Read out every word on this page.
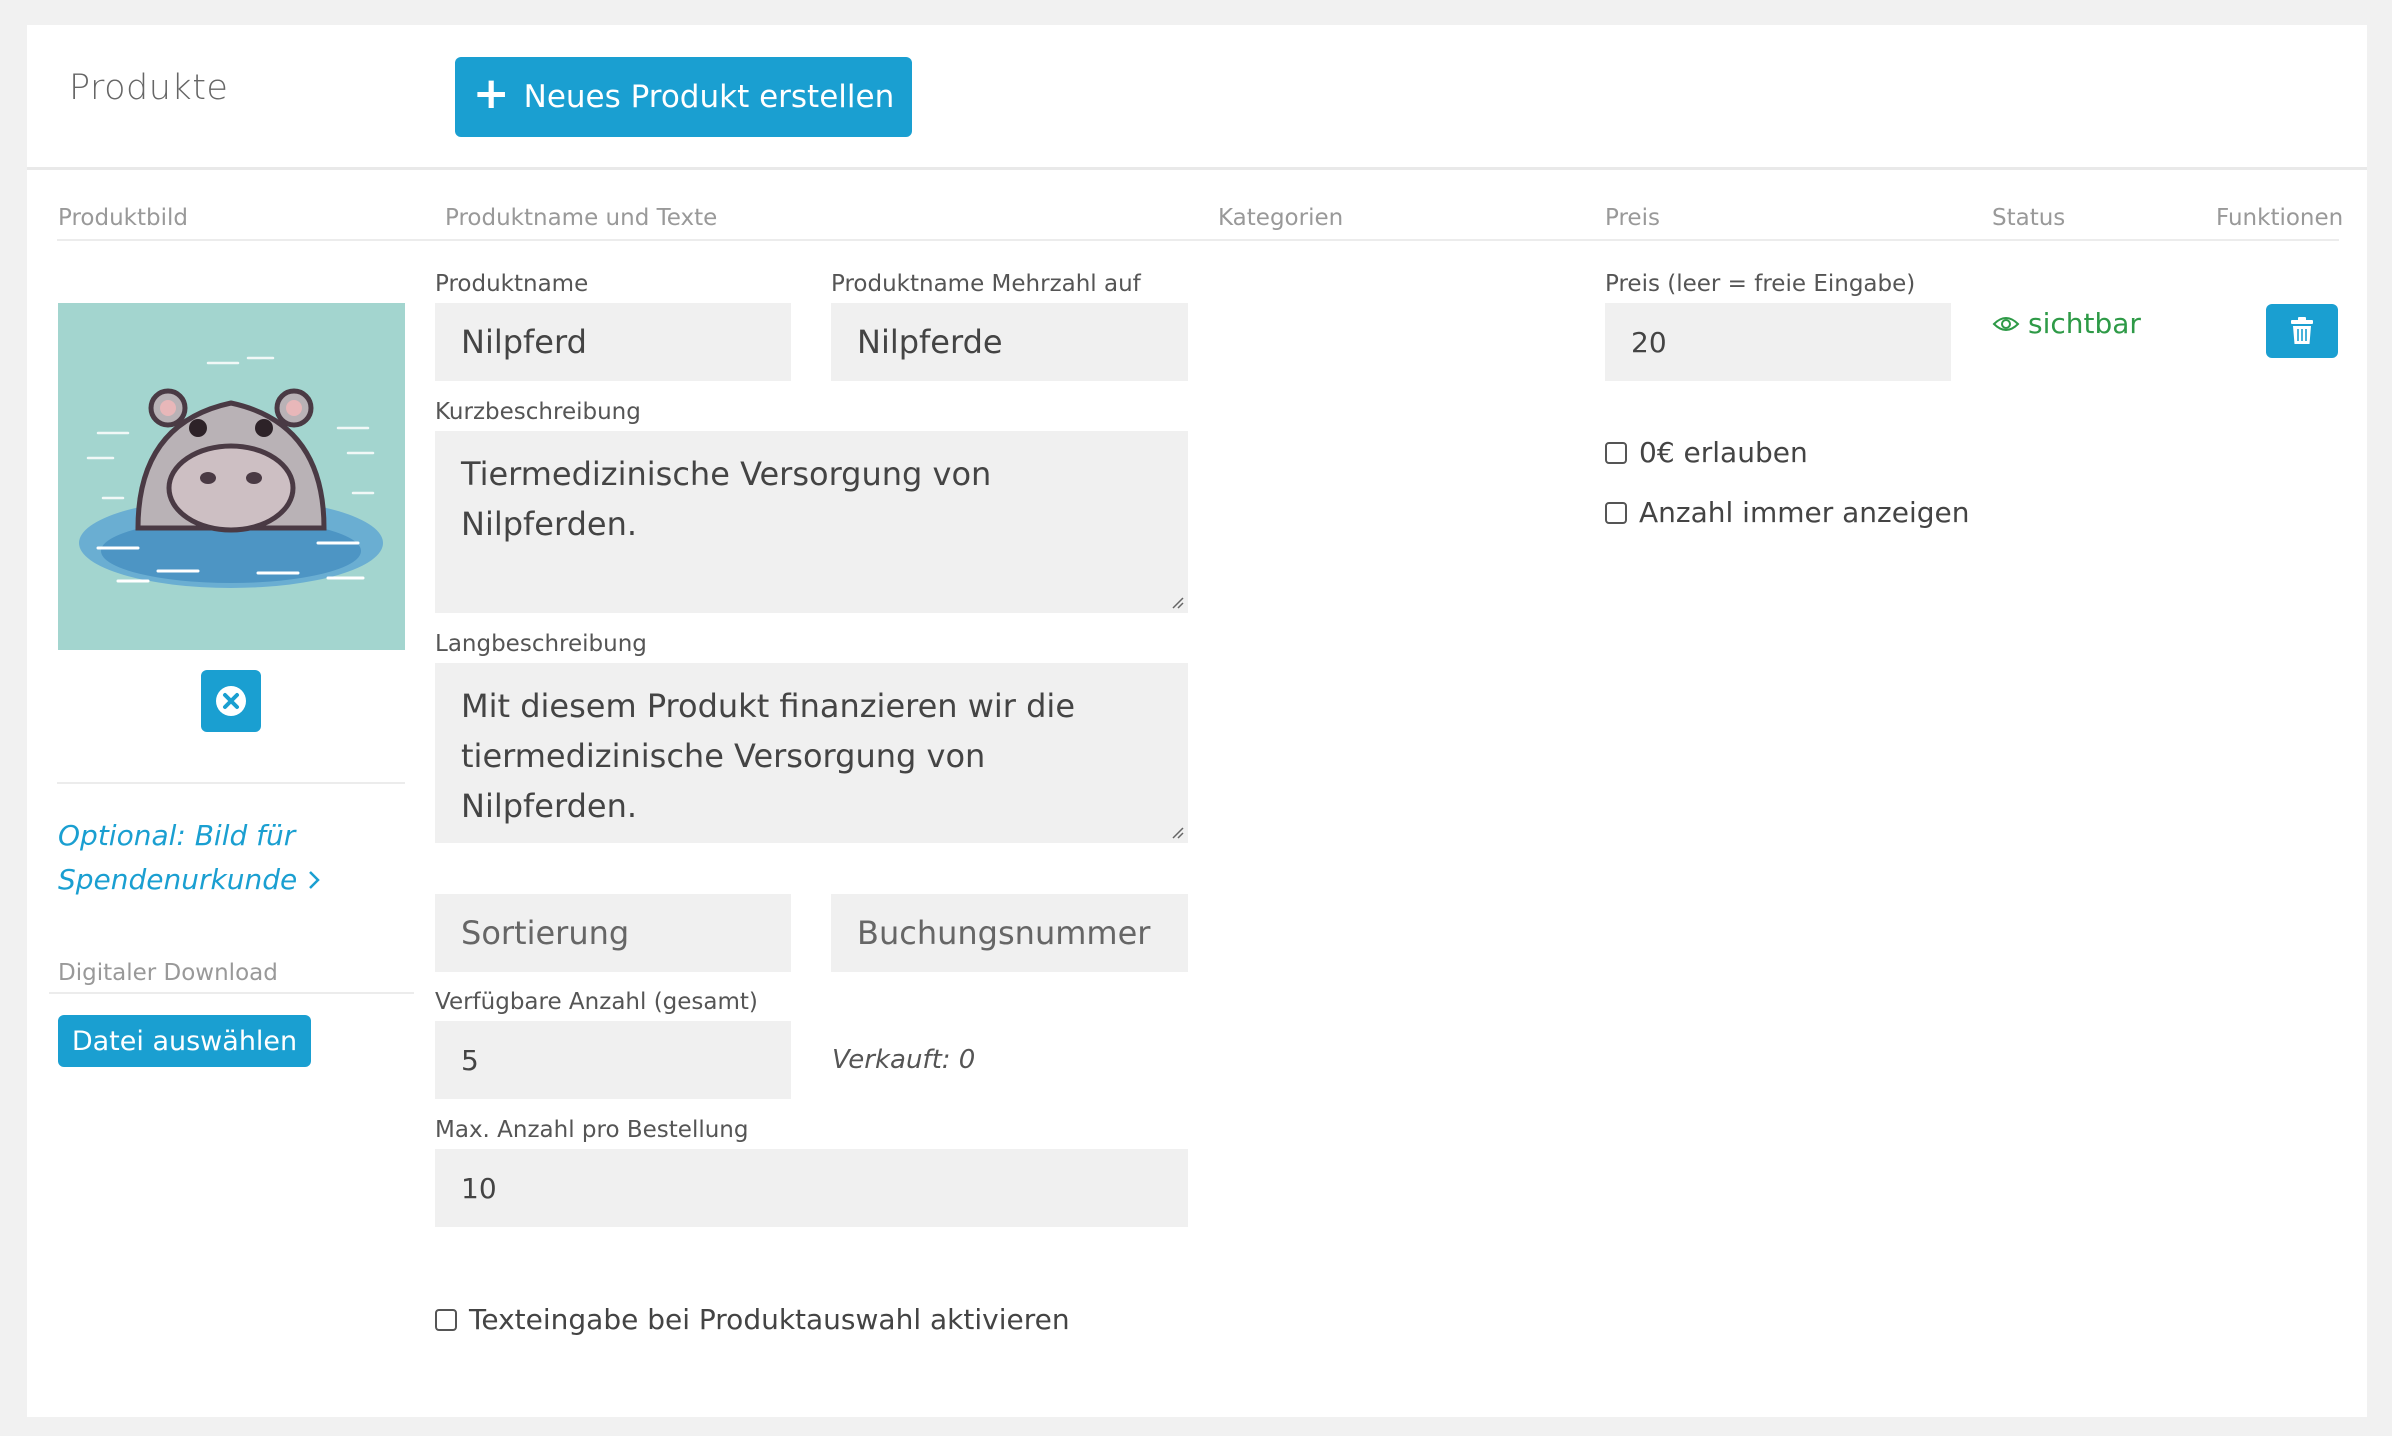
Produkte	+ Neues Produkt erstellen
Produktbild	Produktname und Texte	Kategorien	Preis	Status	Funktionen
Optional: Bild für
Spendenurkunde
Digitaler Download
Datei auswählen
Produktname
Nilpferd
Produktname Mehrzahl auf
Nilpferde
Kurzbeschreibung
Tiermedizinische Versorgung von Nilpferden.
Langbeschreibung
Mit diesem Produkt finanzieren wir die
tiermedizinische Versorgung von Nilpferden.
Sortierung	Buchungsnummer
Verfügbare Anzahl (gesamt)
5	Verkauft: 0
Max. Anzahl pro Bestellung
10
Texteingabe bei Produktauswahl aktivieren
Preis (leer = freie Eingabe)
20
0€ erlauben
Anzahl immer anzeigen
sichtbar
